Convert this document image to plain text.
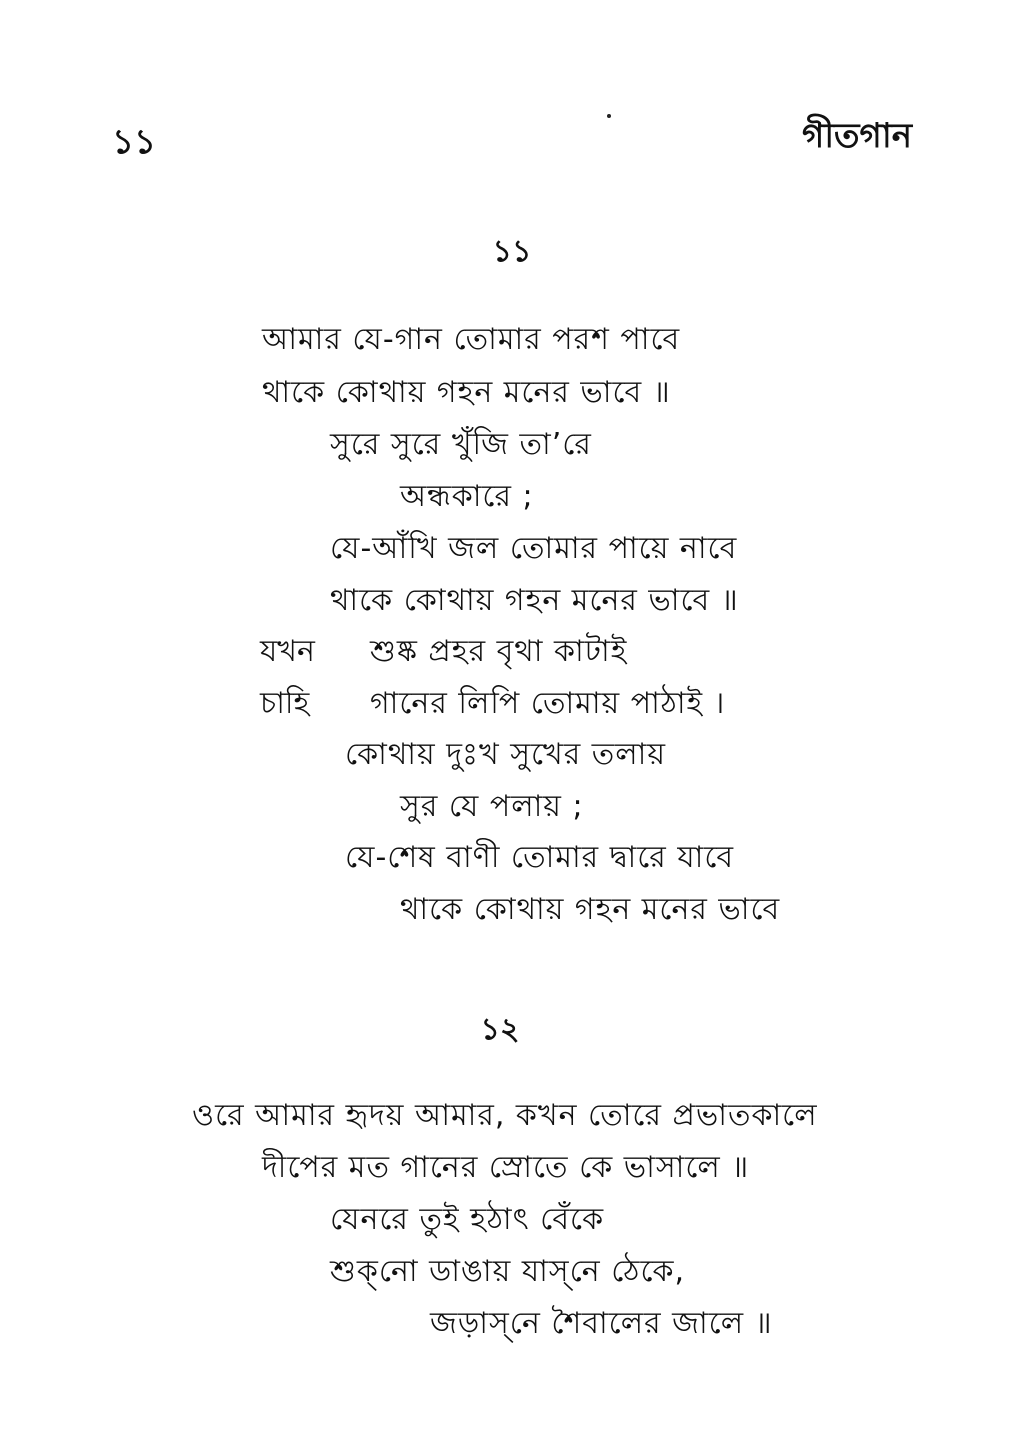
১১	গীতগান
১১
আমার যে-গান তোমার পরশ পাবে
থাকে কোথায় গহন মনের ভাবে ॥
সুরে সুরে খুঁজি তা’রে
অন্ধকারে ;
যে-আঁখি জল তোমার পায়ে নাবে
থাকে কোথায় গহন মনের ভাবে ॥
যখন শুষ্ক প্রহর বৃথা কাটাই
চাহি গানের লিপি তোমায় পাঠাই ।
কোথায় দুঃখ সুখের তলায়
সুর যে পলায় ;
যে-শেষ বাণী তোমার দ্বারে যাবে
থাকে কোথায় গহন মনের ভাবে
১২
ওরে আমার হৃদয় আমার, কখন তোরে প্রভাতকালে
দীপের মত গানের স্রোতে কে ভাসালে ॥
যেনরে তুই হঠাৎ বেঁকে
শুক্‌নো ডাঙায় যাস্‌নে ঠেকে,
জড়াস্‌নে শৈবালের জালে ॥
